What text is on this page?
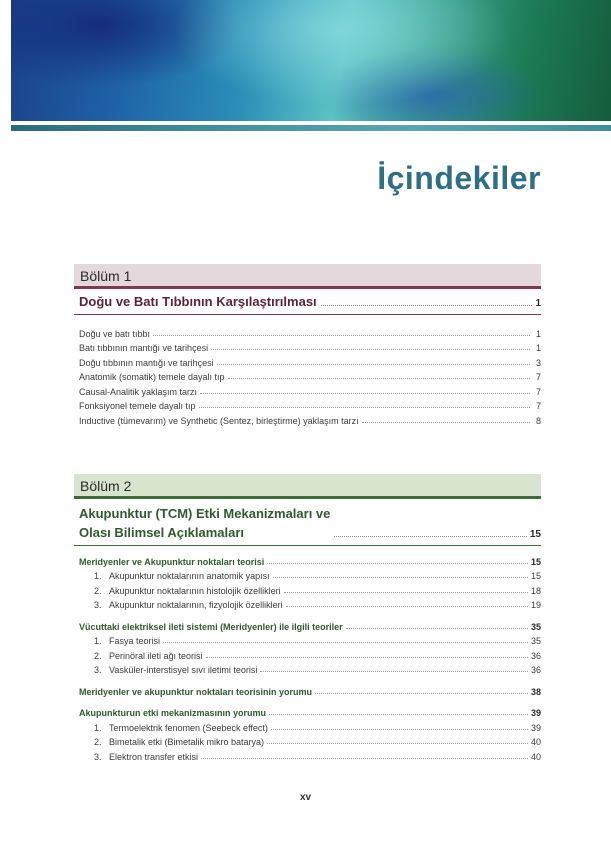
İçindekiler
Bölüm 1
Doğu ve Batı Tıbbının Karşılaştırılması	1
Doğu ve batı tıbbı	1
Batı tıbbının mantığı ve tarihçesi	1
Doğu tıbbının mantığı ve tarihçesi	3
Anatomik (somatik) temele dayalı tıp	7
Causal-Analitik yaklaşım tarzı	7
Fonksiyonel temele dayalı tıp	7
Inductive (tümevarım) ve Synthetic (Sentez, birleştirme) yaklaşım tarzı	8
Bölüm 2
Akupunktur (TCM) Etki Mekanizmaları ve
Olası Bilimsel Açıklamaları	15
Meridyenler ve Akupunktur noktaları teorisi	15
1. Akupunktur noktalarının anatomik yapısı	15
2. Akupunktur noktalarının histolojik özellikleri	18
3. Akupunktur noktalarının, fizyolojik özellikleri	19
Vücuttaki elektriksel ileti sistemi (Meridyenler) ile ilgili teoriler	35
1. Fasya teorisi	35
2. Perinöral ileti ağı teorisi	36
3. Vasküler-interstisyel sıvı iletimi teorisi	36
Meridyenler ve akupunktur noktaları teorisinin yorumu	38
Akupunkturun etki mekanizmasının yorumu	39
1. Termoelektrik fenomen (Seebeck effect)	39
2. Bimetalik etki (Bimetalik mikro batarya)	40
3. Elektron transfer etkisi	40
xv
